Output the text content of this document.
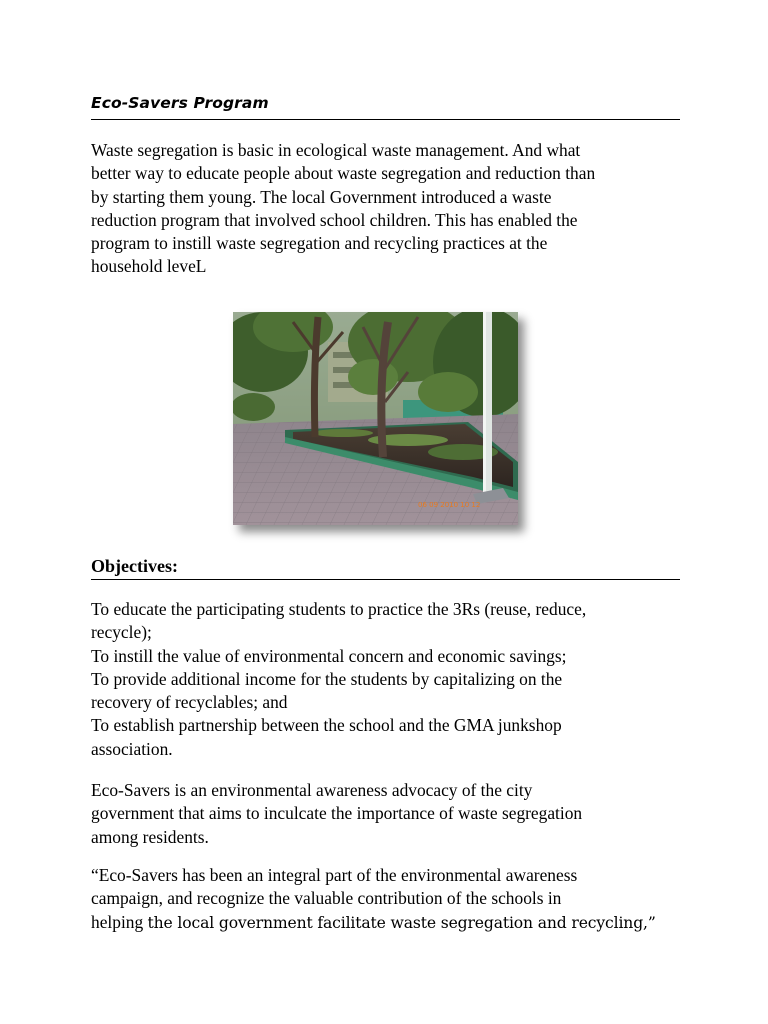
Eco-Savers Program
Waste segregation is basic in ecological waste management. And what
better way to educate people about waste segregation and reduction than
by starting them young. The local Government introduced a waste
reduction program that involved school children. This has enabled the
program to instill waste segregation and recycling practices at the
household leveL
06 09 2010 10 12
Objectives:
To educate the participating students to practice the 3Rs (reuse, reduce,
recycle);
To instill the value of environmental concern and economic savings;
To provide additional income for the students by capitalizing on the
recovery of recyclables; and
To establish partnership between the school and the GMA junkshop
association.
Eco-Savers is an environmental awareness advocacy of the city
government that aims to inculcate the importance of waste segregation
among residents.
“Eco-Savers has been an integral part of the environmental awareness
campaign, and recognize the valuable contribution of the schools in
helping the local government facilitate waste segregation and recycling,”
